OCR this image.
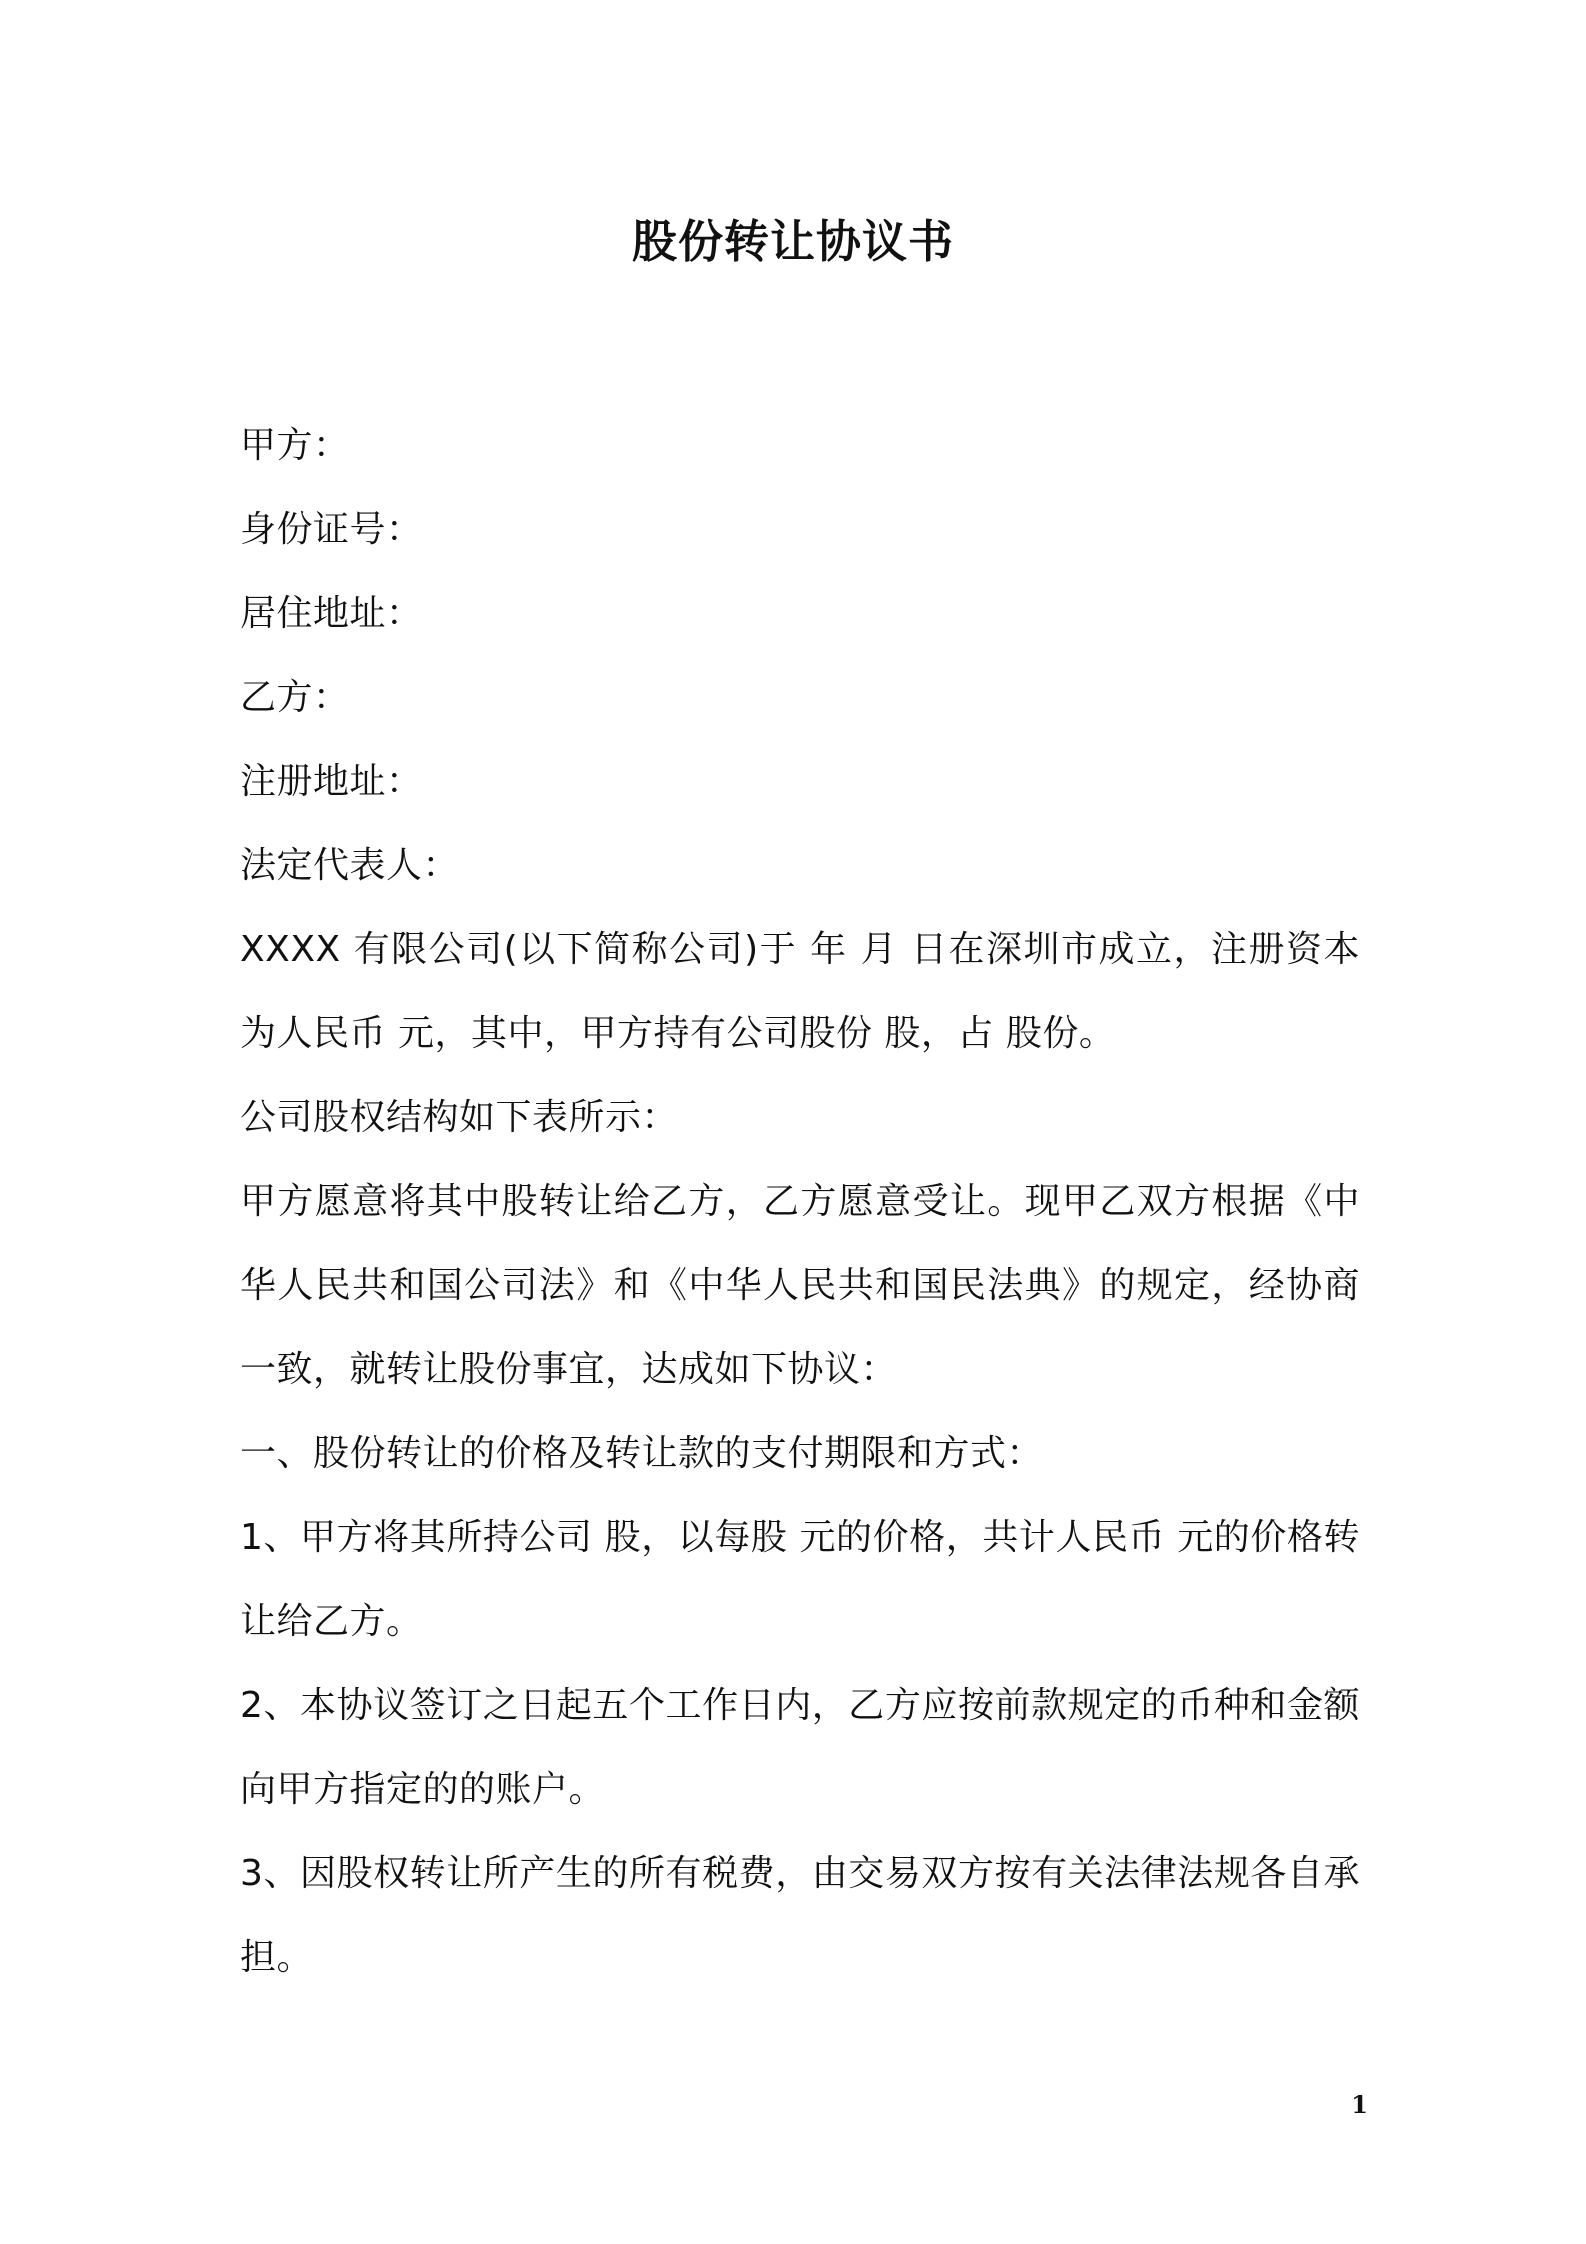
股份转让协议书

甲方：

身份证号：

居住地址：

乙方：

注册地址：

法定代表人：

XXXX 有限公司(以下简称公司)于 年 月 日在深圳市成立，注册资本为人民币 元，其中，甲方持有公司股份 股，占 股份。

公司股权结构如下表所示：

甲方愿意将其中股转让给乙方，乙方愿意受让。现甲乙双方根据《中华人民共和国公司法》和《中华人民共和国民法典》的规定，经协商一致，就转让股份事宜，达成如下协议：

一、股份转让的价格及转让款的支付期限和方式：

1、甲方将其所持公司 股，以每股 元的价格，共计人民币 元的价格转让给乙方。

2、本协议签订之日起五个工作日内，乙方应按前款规定的币种和金额向甲方指定的的账户。

3、因股权转让所产生的所有税费，由交易双方按有关法律法规各自承担。

1
